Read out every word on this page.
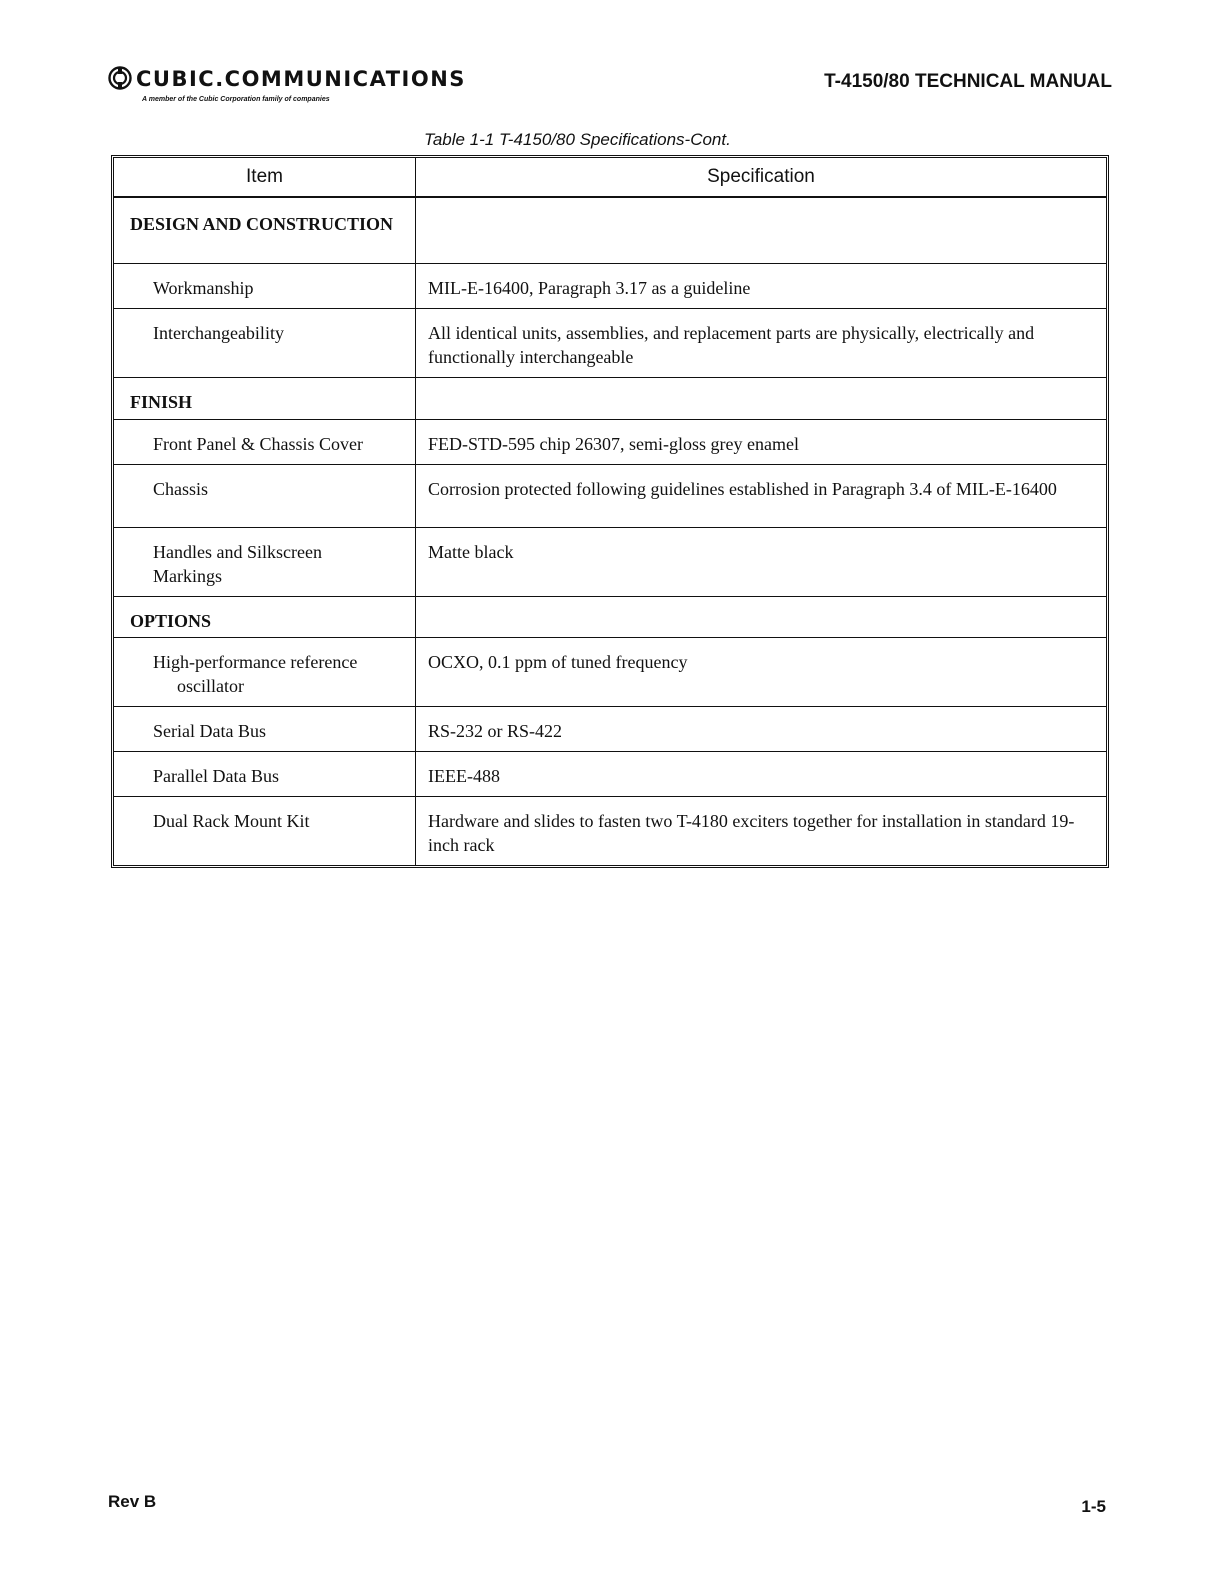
CUBIC.COMMUNICATIONS
A member of the Cubic Corporation family of companies
T-4150/80 TECHNICAL MANUAL
Table 1-1 T-4150/80 Specifications-Cont.
Item	Specification
DESIGN AND CONSTRUCTION	
Workmanship	MIL-E-16400, Paragraph 3.17 as a guideline
Interchangeability	All identical units, assemblies, and replacement parts are physically, electrically and functionally interchangeable
FINISH	
Front Panel & Chassis Cover	FED-STD-595 chip 26307, semi-gloss grey enamel
Chassis	Corrosion protected following guidelines established in Paragraph 3.4 of MIL-E-16400
Handles and Silkscreen Markings	Matte black
OPTIONS	
High-performance reference
oscillator	OCXO, 0.1 ppm of tuned frequency
Serial Data Bus	RS-232 or RS-422
Parallel Data Bus	IEEE-488
Dual Rack Mount Kit	Hardware and slides to fasten two T-4180 exciters together for installation in standard 19-inch rack
Rev B	1-5
